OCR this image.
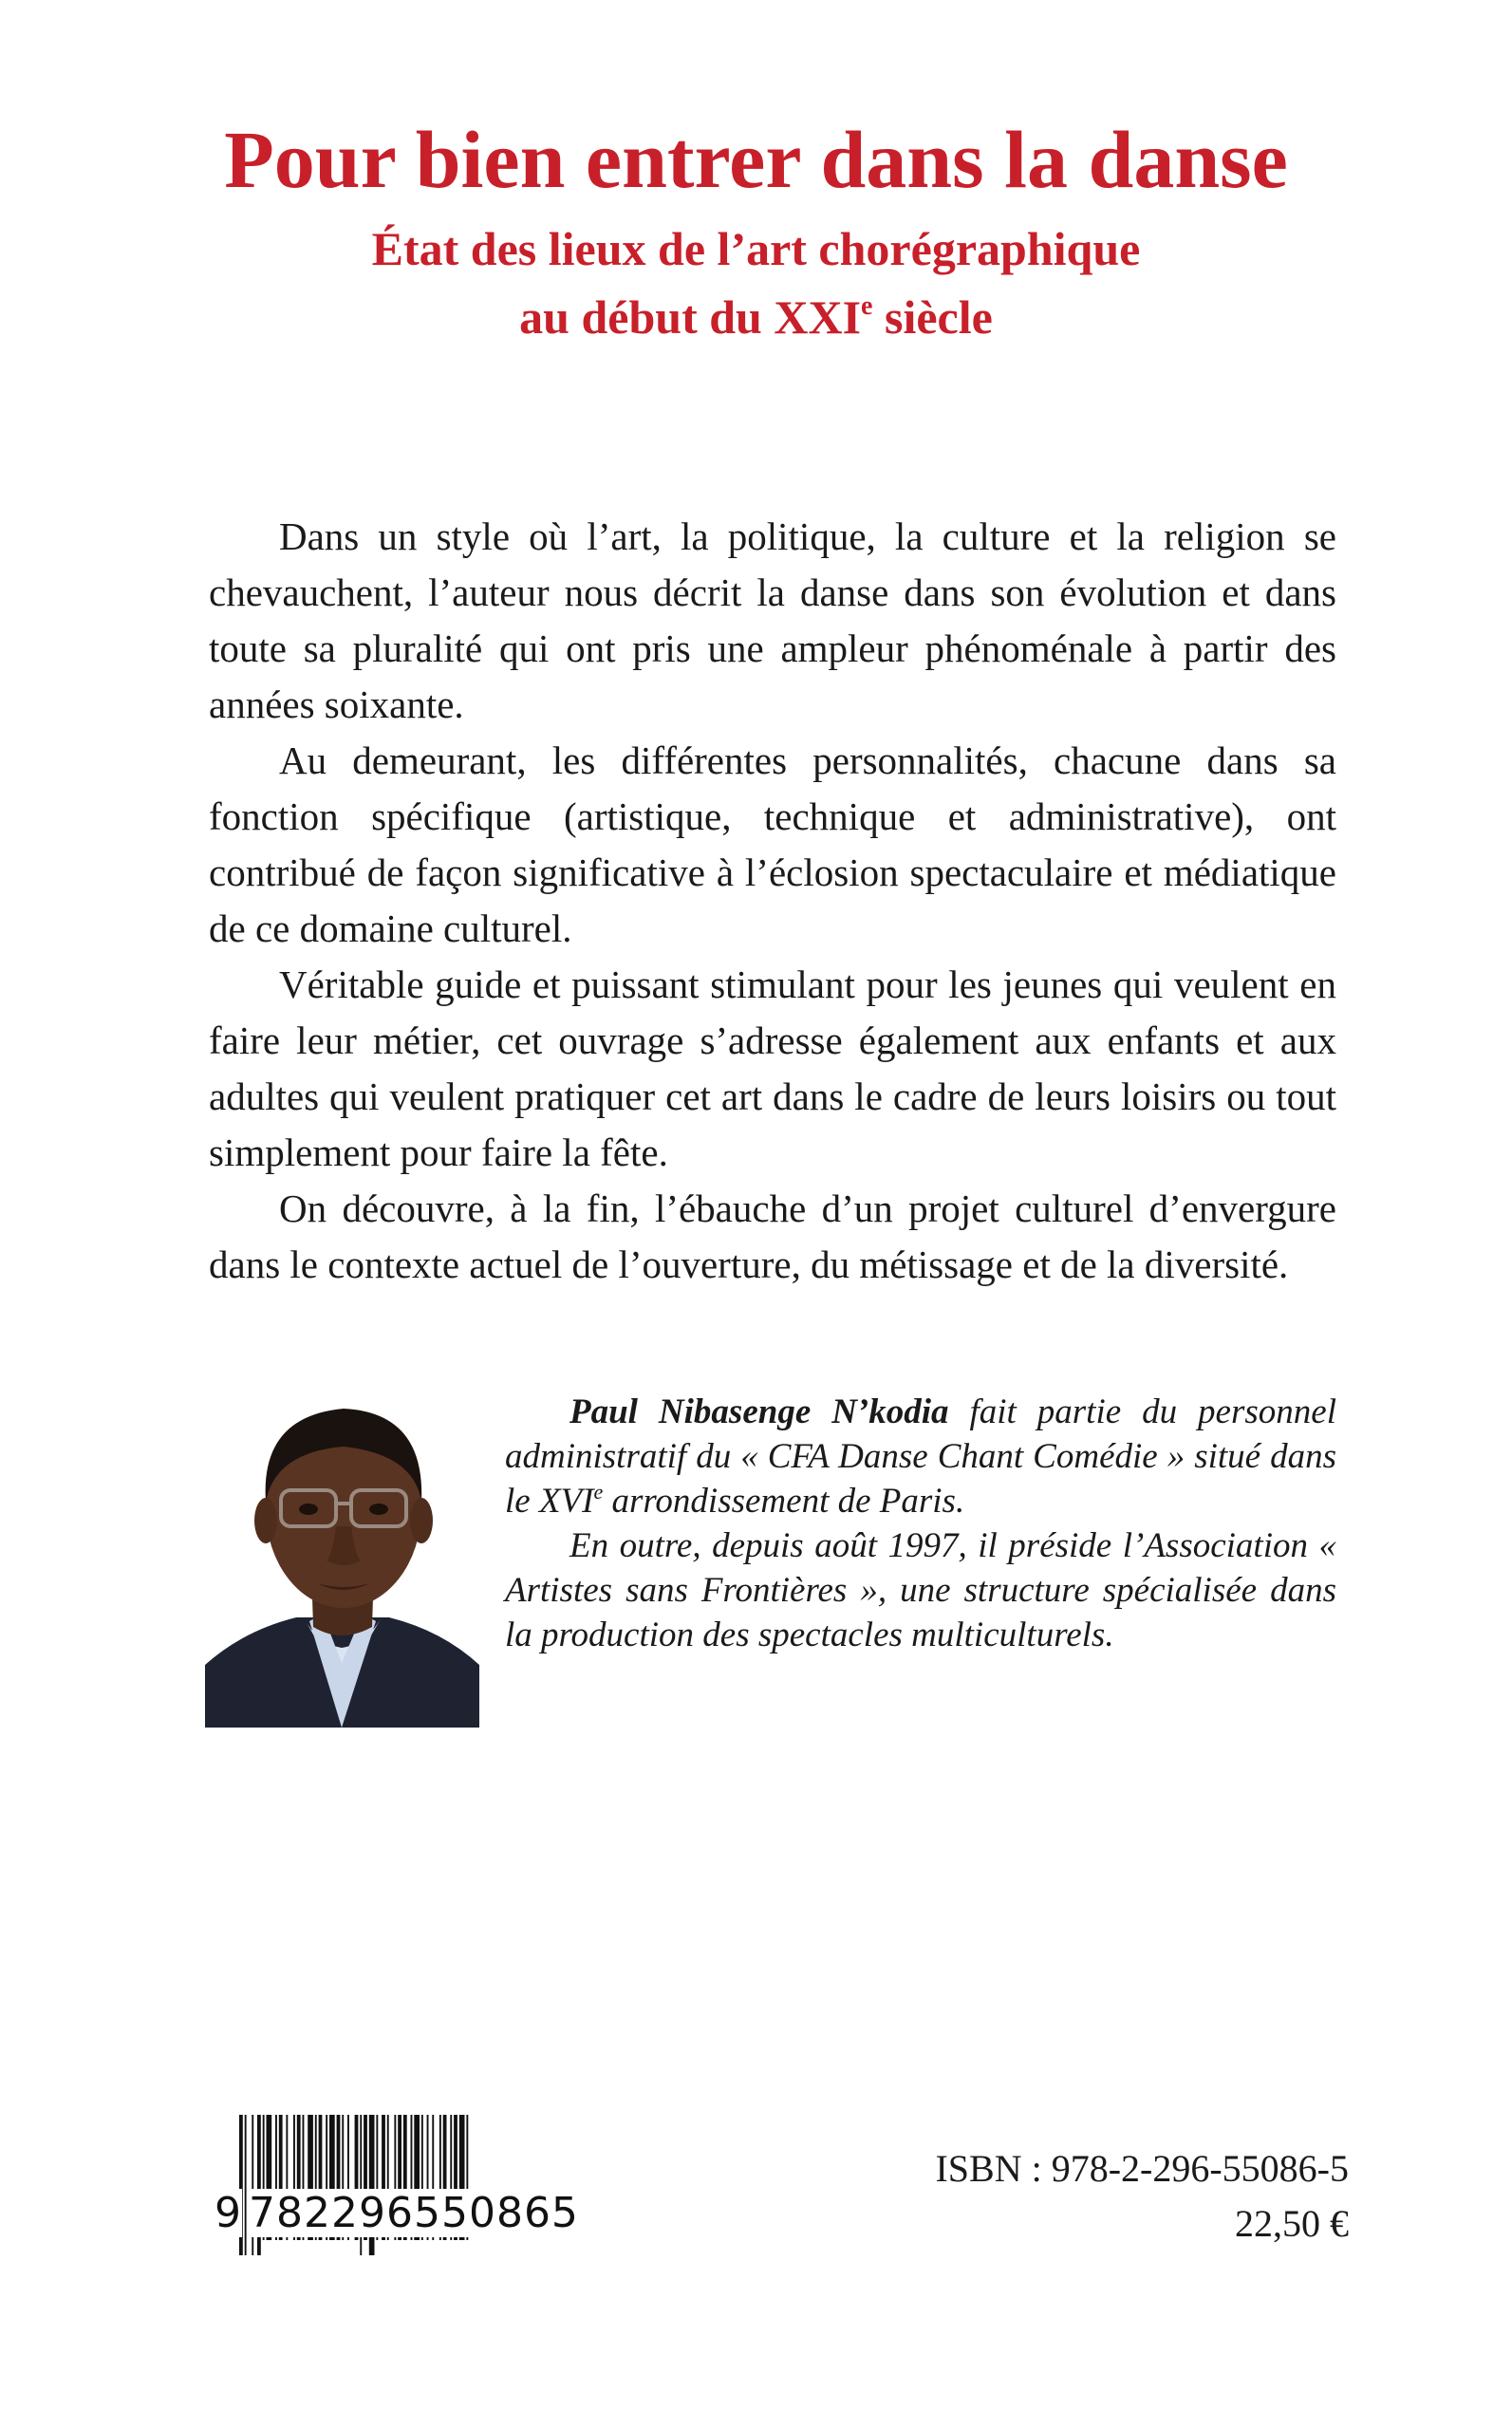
Pour bien entrer dans la danse
État des lieux de l’art chorégraphique
au début du XXIe siècle

Dans un style où l’art, la politique, la culture et la religion se chevauchent, l’auteur nous décrit la danse dans son évolution et dans toute sa pluralité qui ont pris une ampleur phénoménale à partir des années soixante.

Au demeurant, les différentes personnalités, chacune dans sa fonction spécifique (artistique, technique et administrative), ont contribué de façon significative à l’éclosion spectaculaire et médiatique de ce domaine culturel.

Véritable guide et puissant stimulant pour les jeunes qui veulent en faire leur métier, cet ouvrage s’adresse également aux enfants et aux adultes qui veulent pratiquer cet art dans le cadre de leurs loisirs ou tout simplement pour faire la fête.

On découvre, à la fin, l’ébauche d’un projet culturel d’envergure dans le contexte actuel de l’ouverture, du métissage et de la diversité.

Paul Nibasenge N’kodia fait partie du personnel administratif du « CFA Danse Chant Comédie » situé dans le XVIe arrondissement de Paris.

En outre, depuis août 1997, il préside l’Association « Artistes sans Frontières », une structure spécialisée dans la production des spectacles multiculturels.

9 782296550865
ISBN : 978-2-296-55086-5
22,50 €
